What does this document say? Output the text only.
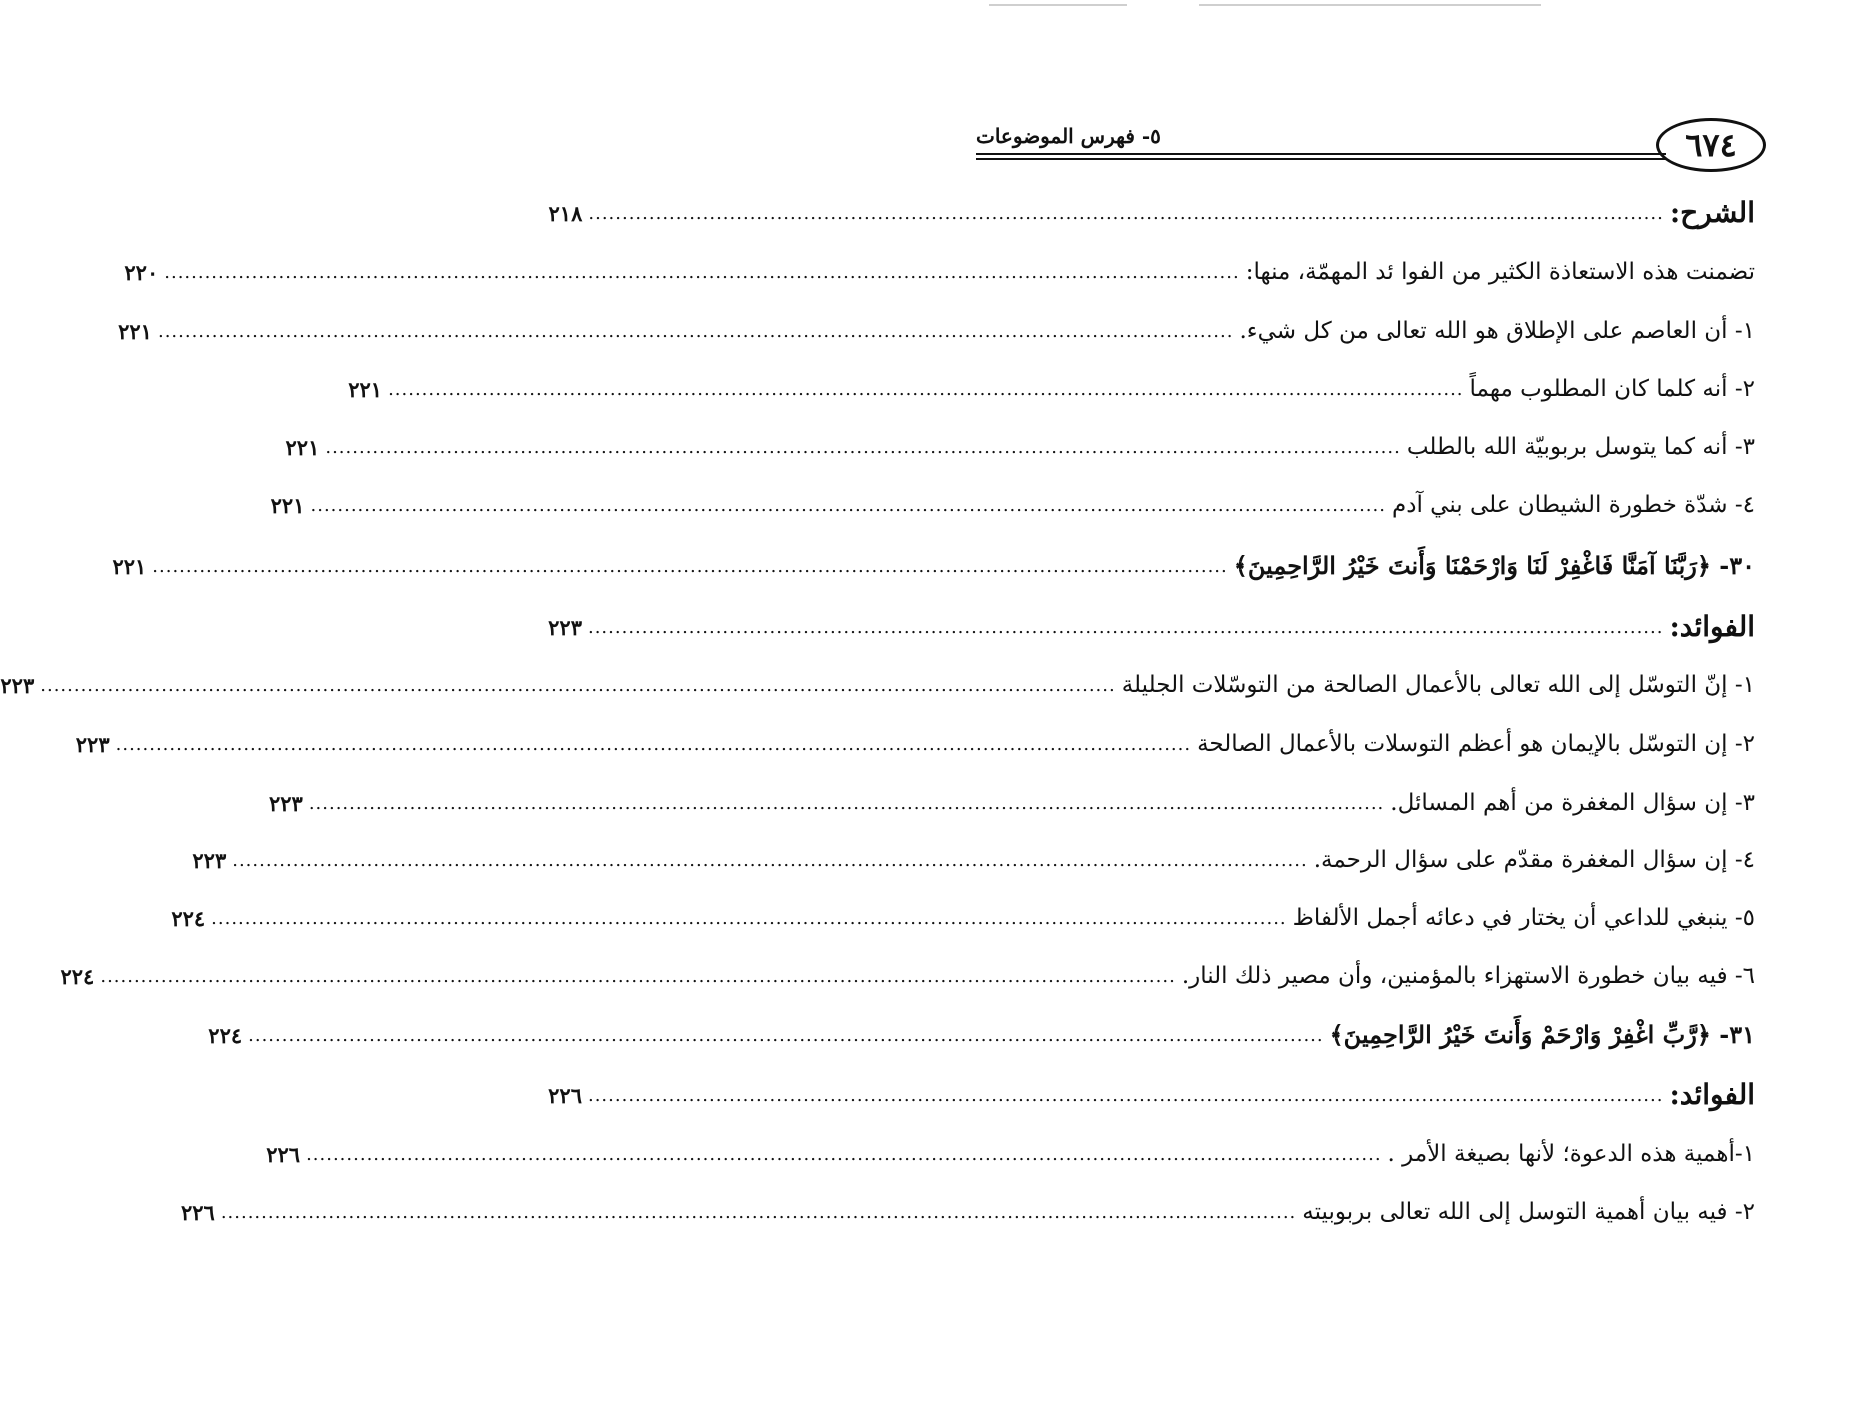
٦٧٤
٥- فهرس الموضوعات
الشرح:
................................................................................................................................................................
٢١٨
تضمنت هذه الاستعاذة الكثير من الفوا ئد المهمّة، منها:
................................................................................................................................................................
٢٢٠
١- أن العاصم على الإطلاق هو الله تعالى من كل شيء.
................................................................................................................................................................
٢٢١
٢- أنه كلما كان المطلوب مهماً
................................................................................................................................................................
٢٢١
٣- أنه كما يتوسل بربوبيّة الله بالطلب
................................................................................................................................................................
٢٢١
٤- شدّة خطورة الشيطان على بني آدم
................................................................................................................................................................
٢٢١
٣٠- ﴿رَبَّنَا آمَنَّا فَاغْفِرْ لَنَا وَارْحَمْنَا وَأَنتَ خَيْرُ الرَّاحِمِينَ﴾
................................................................................................................................................................
٢٢١
الفوائد:
................................................................................................................................................................
٢٢٣
١- إنّ التوسّل إلى الله تعالى بالأعمال الصالحة من التوسّلات الجليلة
................................................................................................................................................................
٢٢٣
٢- إن التوسّل بالإيمان هو أعظم التوسلات بالأعمال الصالحة
................................................................................................................................................................
٢٢٣
٣- إن سؤال المغفرة من أهم المسائل.
................................................................................................................................................................
٢٢٣
٤- إن سؤال المغفرة مقدّم على سؤال الرحمة.
................................................................................................................................................................
٢٢٣
٥- ينبغي للداعي أن يختار في دعائه أجمل الألفاظ
................................................................................................................................................................
٢٢٤
٦- فيه بيان خطورة الاستهزاء بالمؤمنين، وأن مصير ذلك النار.
................................................................................................................................................................
٢٢٤
٣١- ﴿رَّبِّ اغْفِرْ وَارْحَمْ وَأَنتَ خَيْرُ الرَّاحِمِينَ﴾
................................................................................................................................................................
٢٢٤
الفوائد:
................................................................................................................................................................
٢٢٦
١-أهمية هذه الدعوة؛ لأنها بصيغة الأمر .
................................................................................................................................................................
٢٢٦
٢- فيه بيان أهمية التوسل إلى الله تعالى بربوبيته
................................................................................................................................................................
٢٢٦
